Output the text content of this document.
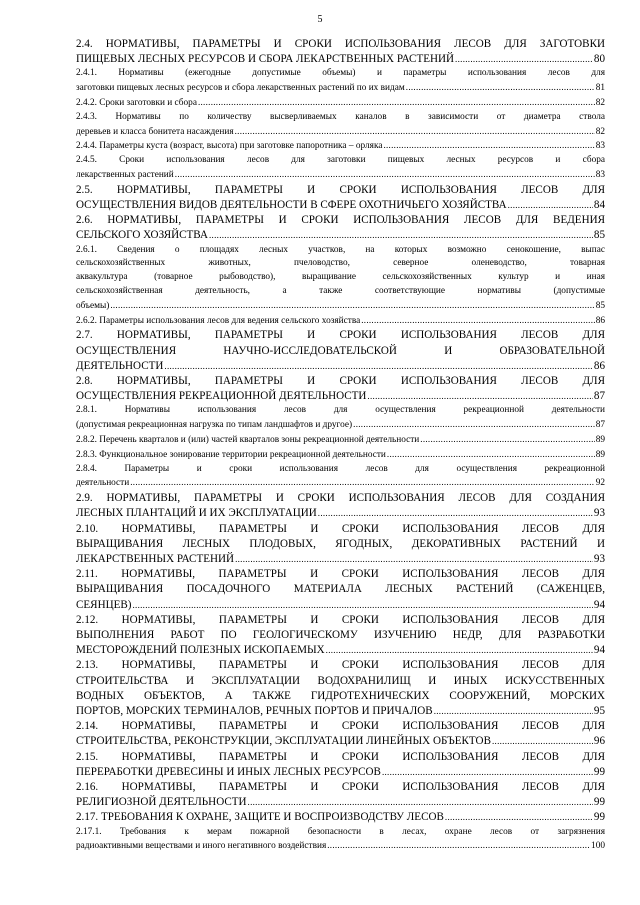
5
2.4. НОРМАТИВЫ, ПАРАМЕТРЫ И СРОКИ ИСПОЛЬЗОВАНИЯ ЛЕСОВ ДЛЯ ЗАГОТОВКИ
ПИЩЕВЫХ ЛЕСНЫХ РЕСУРСОВ И СБОРА ЛЕКАРСТВЕННЫХ РАСТЕНИЙ .....	80
2.4.1. Нормативы (ежегодные допустимые объемы) и параметры использования лесов для
заготовки пищевых лесных ресурсов и сбора лекарственных растений по их видам .....	81
2.4.2. Сроки заготовки и сбора .....	82
2.4.3. Нормативы по количеству высверливаемых каналов в зависимости от диаметра ствола
деревьев и класса бонитета насаждения .....	82
2.4.4. Параметры куста (возраст, высота) при заготовке папоротника – орляка .....	83
2.4.5. Сроки использования лесов для заготовки пищевых лесных ресурсов и сбора
лекарственных растений .....	83
2.5. НОРМАТИВЫ, ПАРАМЕТРЫ И СРОКИ ИСПОЛЬЗОВАНИЯ ЛЕСОВ ДЛЯ
ОСУЩЕСТВЛЕНИЯ ВИДОВ ДЕЯТЕЛЬНОСТИ В СФЕРЕ ОХОТНИЧЬЕГО ХОЗЯЙСТВА .....	84
2.6. НОРМАТИВЫ, ПАРАМЕТРЫ И СРОКИ ИСПОЛЬЗОВАНИЯ ЛЕСОВ ДЛЯ ВЕДЕНИЯ
СЕЛЬСКОГО ХОЗЯЙСТВА .....	85
2.6.1. Сведения о площадях лесных участков, на которых возможно сенокошение, выпас
сельскохозяйственных животных, пчеловодство, северное оленеводство, товарная
аквакультура (товарное рыбоводство), выращивание сельскохозяйственных культур и иная
сельскохозяйственная деятельность, а также соответствующие нормативы (допустимые
объемы) .....	85
2.6.2. Параметры использования лесов для ведения сельского хозяйства .....	86
2.7. НОРМАТИВЫ, ПАРАМЕТРЫ И СРОКИ ИСПОЛЬЗОВАНИЯ ЛЕСОВ ДЛЯ
ОСУЩЕСТВЛЕНИЯ НАУЧНО-ИССЛЕДОВАТЕЛЬСКОЙ И ОБРАЗОВАТЕЛЬНОЙ
ДЕЯТЕЛЬНОСТИ .....	86
2.8. НОРМАТИВЫ, ПАРАМЕТРЫ И СРОКИ ИСПОЛЬЗОВАНИЯ ЛЕСОВ ДЛЯ
ОСУЩЕСТВЛЕНИЯ РЕКРЕАЦИОННОЙ ДЕЯТЕЛЬНОСТИ .....	87
2.8.1. Нормативы использования лесов для осуществления рекреационной деятельности
(допустимая рекреационная нагрузка по типам ландшафтов и другое) .....	87
2.8.2. Перечень кварталов и (или) частей кварталов зоны рекреационной деятельности .....	89
2.8.3. Функциональное зонирование территории рекреационной деятельности .....	89
2.8.4. Параметры и сроки использования лесов для осуществления рекреационной
деятельности .....	92
2.9. НОРМАТИВЫ, ПАРАМЕТРЫ И СРОКИ ИСПОЛЬЗОВАНИЯ ЛЕСОВ ДЛЯ СОЗДАНИЯ
ЛЕСНЫХ ПЛАНТАЦИЙ И ИХ ЭКСПЛУАТАЦИИ .....	93
2.10. НОРМАТИВЫ, ПАРАМЕТРЫ И СРОКИ ИСПОЛЬЗОВАНИЯ ЛЕСОВ ДЛЯ
ВЫРАЩИВАНИЯ ЛЕСНЫХ ПЛОДОВЫХ, ЯГОДНЫХ, ДЕКОРАТИВНЫХ РАСТЕНИЙ И
ЛЕКАРСТВЕННЫХ РАСТЕНИЙ .....	93
2.11. НОРМАТИВЫ, ПАРАМЕТРЫ И СРОКИ ИСПОЛЬЗОВАНИЯ ЛЕСОВ ДЛЯ
ВЫРАЩИВАНИЯ ПОСАДОЧНОГО МАТЕРИАЛА ЛЕСНЫХ РАСТЕНИЙ (САЖЕНЦЕВ,
СЕЯНЦЕВ) .....	94
2.12. НОРМАТИВЫ, ПАРАМЕТРЫ И СРОКИ ИСПОЛЬЗОВАНИЯ ЛЕСОВ ДЛЯ
ВЫПОЛНЕНИЯ РАБОТ ПО ГЕОЛОГИЧЕСКОМУ ИЗУЧЕНИЮ НЕДР, ДЛЯ РАЗРАБОТКИ
МЕСТОРОЖДЕНИЙ ПОЛЕЗНЫХ ИСКОПАЕМЫХ .....	94
2.13. НОРМАТИВЫ, ПАРАМЕТРЫ И СРОКИ ИСПОЛЬЗОВАНИЯ ЛЕСОВ ДЛЯ
СТРОИТЕЛЬСТВА И ЭКСПЛУАТАЦИИ ВОДОХРАНИЛИЩ И ИНЫХ ИСКУССТВЕННЫХ
ВОДНЫХ ОБЪЕКТОВ, А ТАКЖЕ ГИДРОТЕХНИЧЕСКИХ СООРУЖЕНИЙ, МОРСКИХ
ПОРТОВ, МОРСКИХ ТЕРМИНАЛОВ, РЕЧНЫХ ПОРТОВ И ПРИЧАЛОВ .....	95
2.14. НОРМАТИВЫ, ПАРАМЕТРЫ И СРОКИ ИСПОЛЬЗОВАНИЯ ЛЕСОВ ДЛЯ
СТРОИТЕЛЬСТВА, РЕКОНСТРУКЦИИ, ЭКСПЛУАТАЦИИ ЛИНЕЙНЫХ ОБЪЕКТОВ .....	96
2.15. НОРМАТИВЫ, ПАРАМЕТРЫ И СРОКИ ИСПОЛЬЗОВАНИЯ ЛЕСОВ ДЛЯ
ПЕРЕРАБОТКИ ДРЕВЕСИНЫ И ИНЫХ ЛЕСНЫХ РЕСУРСОВ .....	99
2.16. НОРМАТИВЫ, ПАРАМЕТРЫ И СРОКИ ИСПОЛЬЗОВАНИЯ ЛЕСОВ ДЛЯ
РЕЛИГИОЗНОЙ ДЕЯТЕЛЬНОСТИ .....	99
2.17. ТРЕБОВАНИЯ К ОХРАНЕ, ЗАЩИТЕ И ВОСПРОИЗВОДСТВУ ЛЕСОВ .....	99
2.17.1. Требования к мерам пожарной безопасности в лесах, охране лесов от загрязнения
радиоактивными веществами и иного негативного воздействия .....	100
